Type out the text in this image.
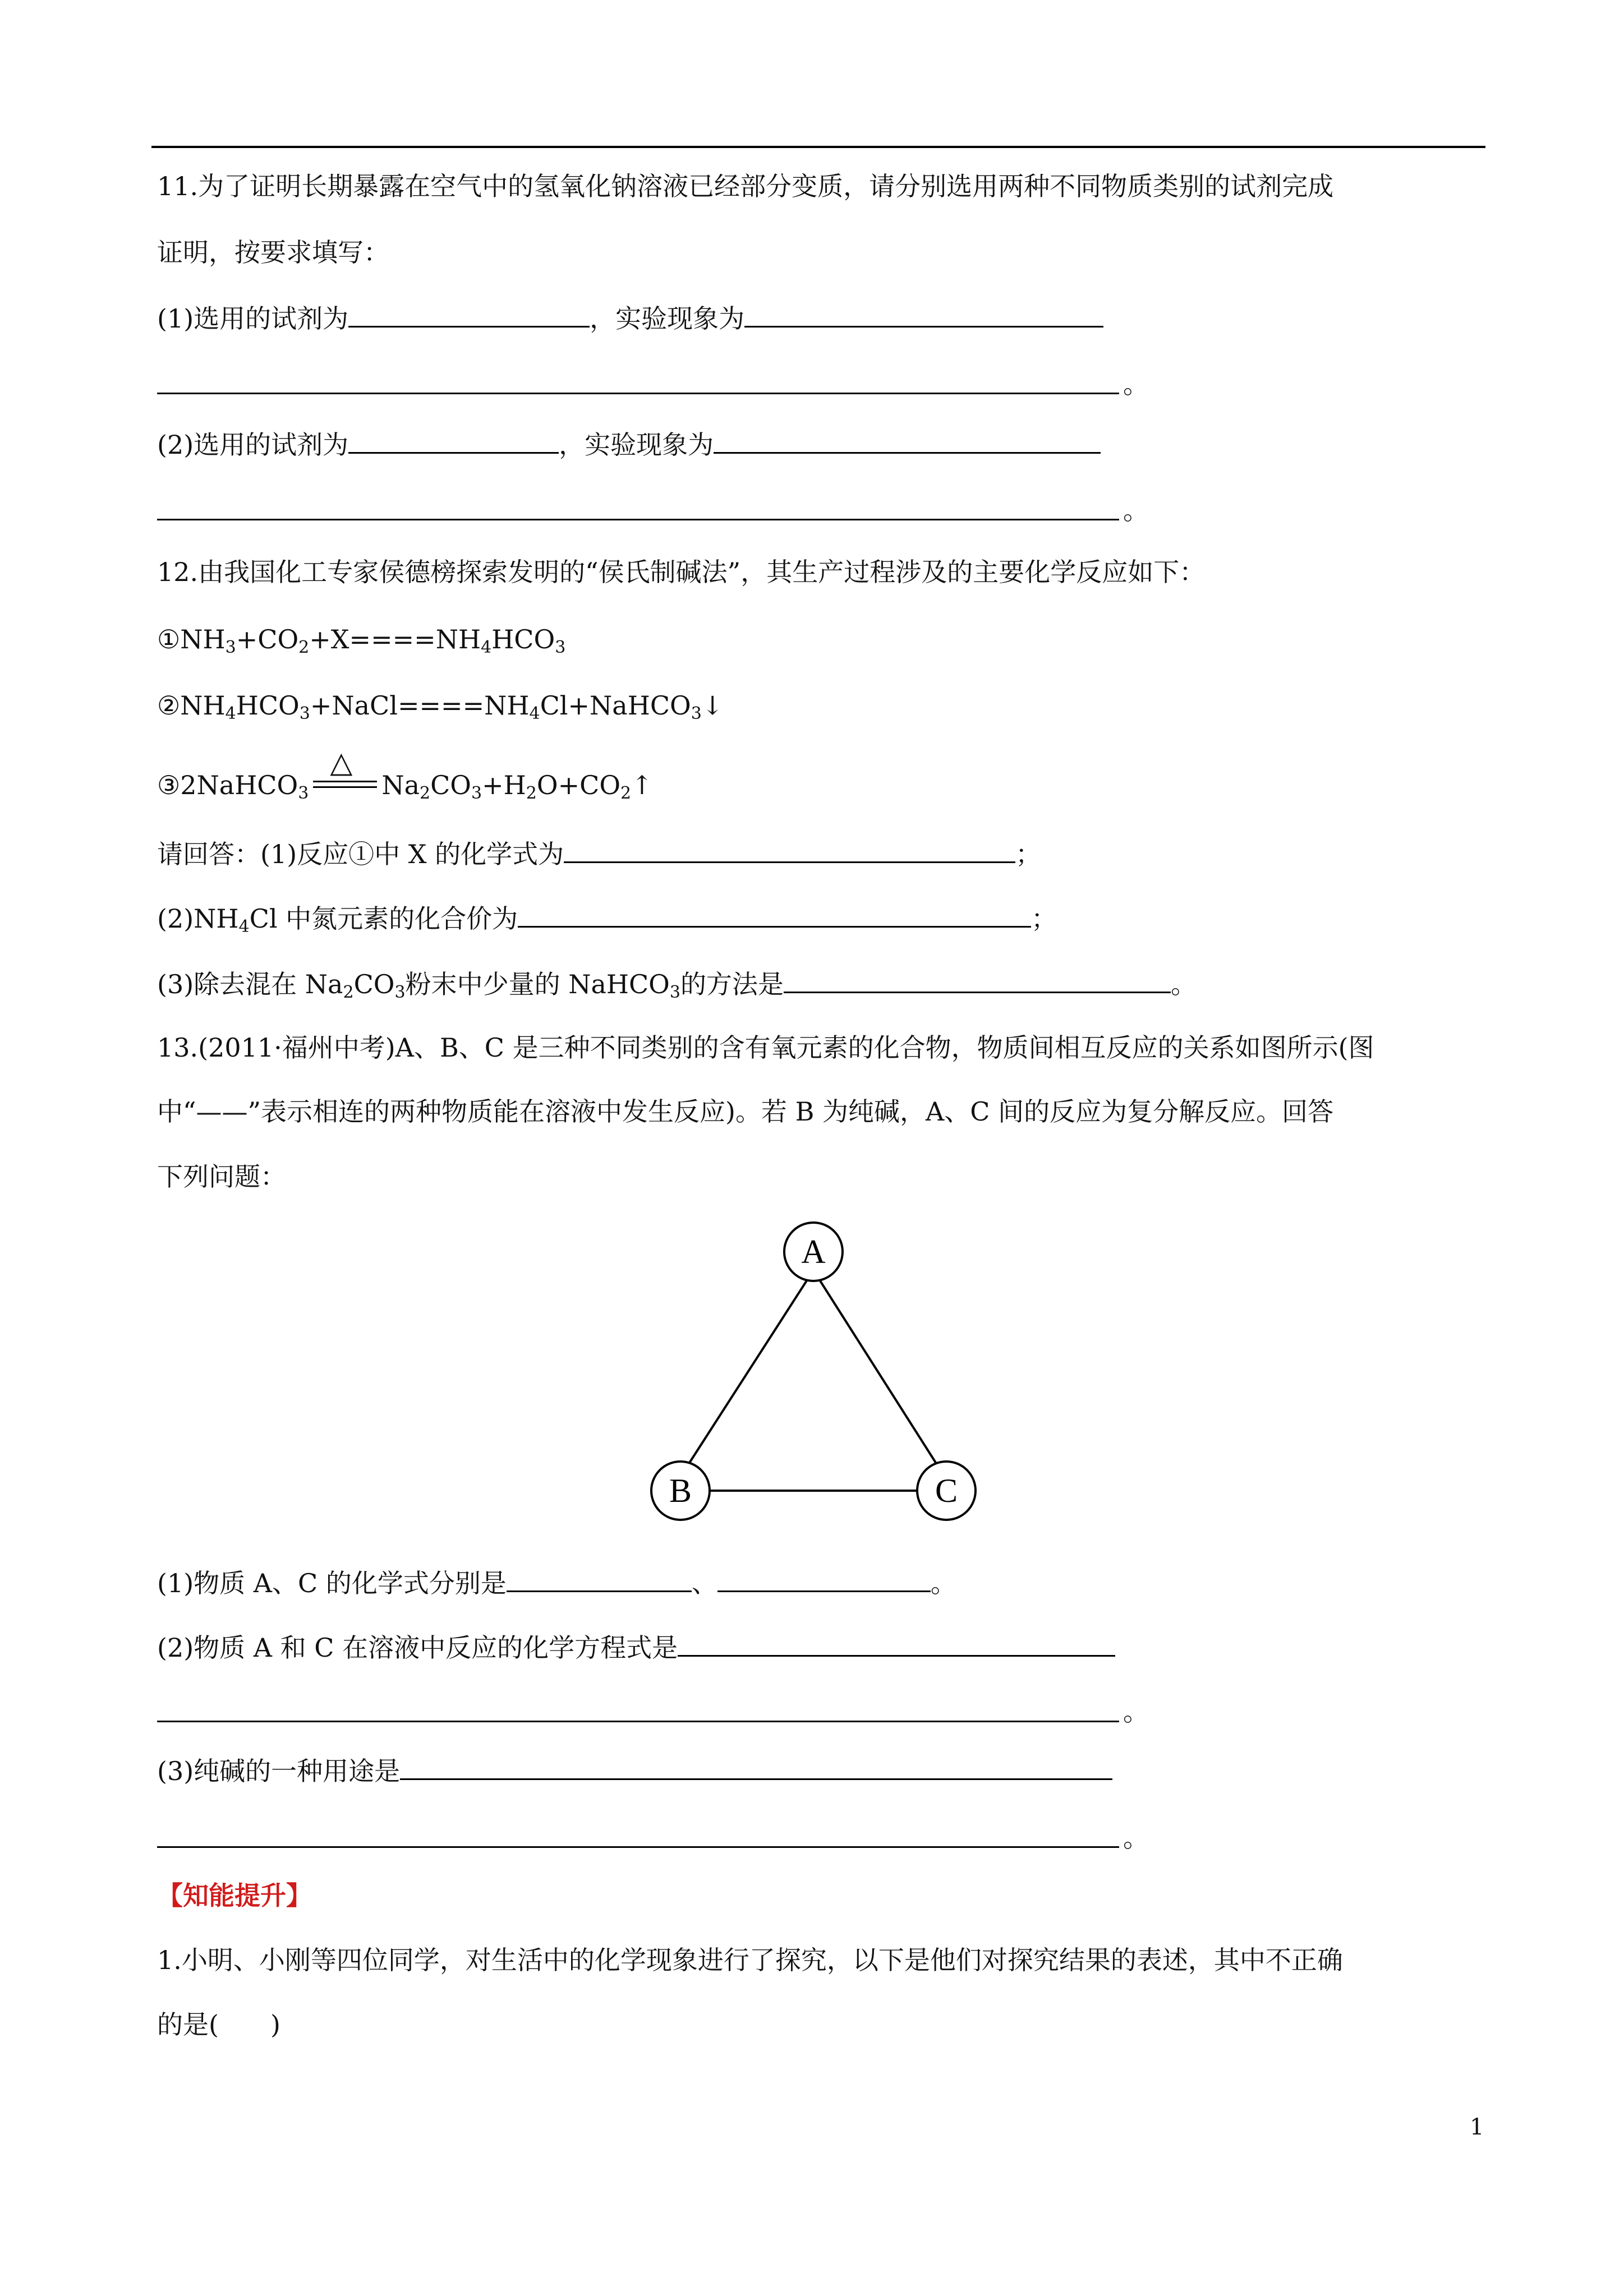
11.为了证明长期暴露在空气中的氢氧化钠溶液已经部分变质，请分别选用两种不同物质类别的试剂完成
证明，按要求填写：
(1)选用的试剂为	，实验现象为
。
(2)选用的试剂为	，实验现象为
。
12.由我国化工专家侯德榜探索发明的“侯氏制碱法”，其生产过程涉及的主要化学反应如下：
$①NH_3+CO_2+X====NH_4HCO_3$
$②NH_4HCO_3+NaCl====NH_4Cl+NaHCO_3↓$
③2NaHCO$_3$
△
$Na_2CO_3+H_2O+CO_2↑$
请回答：(1)反应①中 X 的化学式为	；
$(2)NH_4Cl$ 中氮元素的化合价为	；
(3)除去混在 $Na_2CO_3$粉末中少量的 NaHCO$_3$的方法是	。
13.(2011·福州中考)A、B、C 是三种不同类别的含有氧元素的化合物，物质间相互反应的关系如图所示(图
中“——”表示相连的两种物质能在溶液中发生反应)。若 B 为纯碱，A、C 间的反应为复分解反应。回答
下列问题：
A
B	C
(1)物质 A、C 的化学式分别是	、	。
(2)物质 A 和 C 在溶液中反应的化学方程式是
。
(3)纯碱的一种用途是
。
【知能提升】
1.小明、小刚等四位同学，对生活中的化学现象进行了探究，以下是他们对探究结果的表述，其中不正确
的是(　　)
1
